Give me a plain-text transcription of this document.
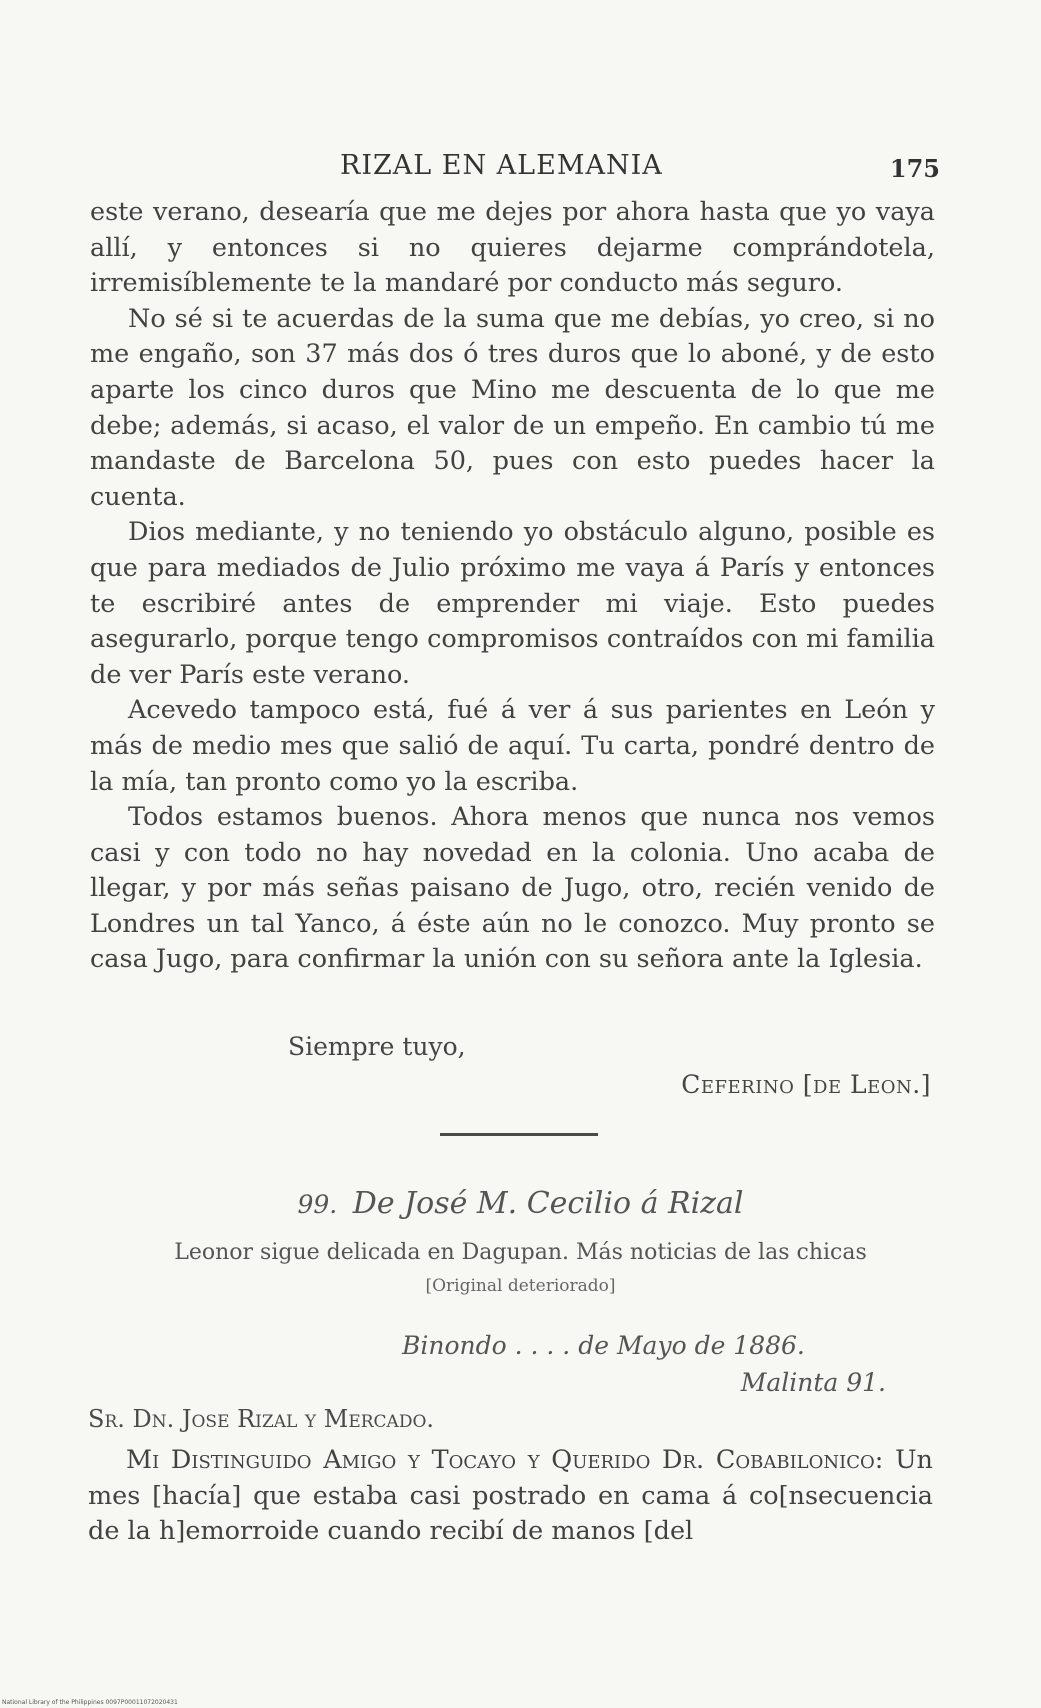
RIZAL EN ALEMANIA	175

este verano, desearía que me dejes por ahora hasta que yo vaya allí, y entonces si no quieres dejarme comprándotela, irremisíblemente te la mandaré por conducto más seguro.

No sé si te acuerdas de la suma que me debías, yo creo, si no me engaño, son 37 más dos ó tres duros que lo aboné, y de esto aparte los cinco duros que Mino me descuenta de lo que me debe; además, si acaso, el valor de un empeño. En cambio tú me mandaste de Barcelona 50, pues con esto puedes hacer la cuenta.

Dios mediante, y no teniendo yo obstáculo alguno, posible es que para mediados de Julio próximo me vaya á París y entonces te escribiré antes de emprender mi viaje. Esto puedes asegurarlo, porque tengo compromisos contraídos con mi familia de ver París este verano.

Acevedo tampoco está, fué á ver á sus parientes en León y más de medio mes que salió de aquí. Tu carta, pondré dentro de la mía, tan pronto como yo la escriba.

Todos estamos buenos. Ahora menos que nunca nos vemos casi y con todo no hay novedad en la colonia. Uno acaba de llegar, y por más señas paisano de Jugo, otro, recién venido de Londres un tal Yanco, á éste aún no le conozco. Muy pronto se casa Jugo, para confirmar la unión con su señora ante la Iglesia.

Siempre tuyo,
Ceferino [de Leon.]
99. De José M. Cecilio á Rizal
Leonor sigue delicada en Dagupan. Más noticias de las chicas
[Original deteriorado]
Binondo . . . . de Mayo de 1886.
Malinta 91.
Sr. Dn. Jose Rizal y Mercado.

Mi Distinguido Amigo y Tocayo y Querido Dr. Cobabilonico: Un mes [hacía] que estaba casi postrado en cama á co[nsecuencia de la h]emorroide cuando recibí de manos [del

National Library of the Philippines 0097P00011072020431
